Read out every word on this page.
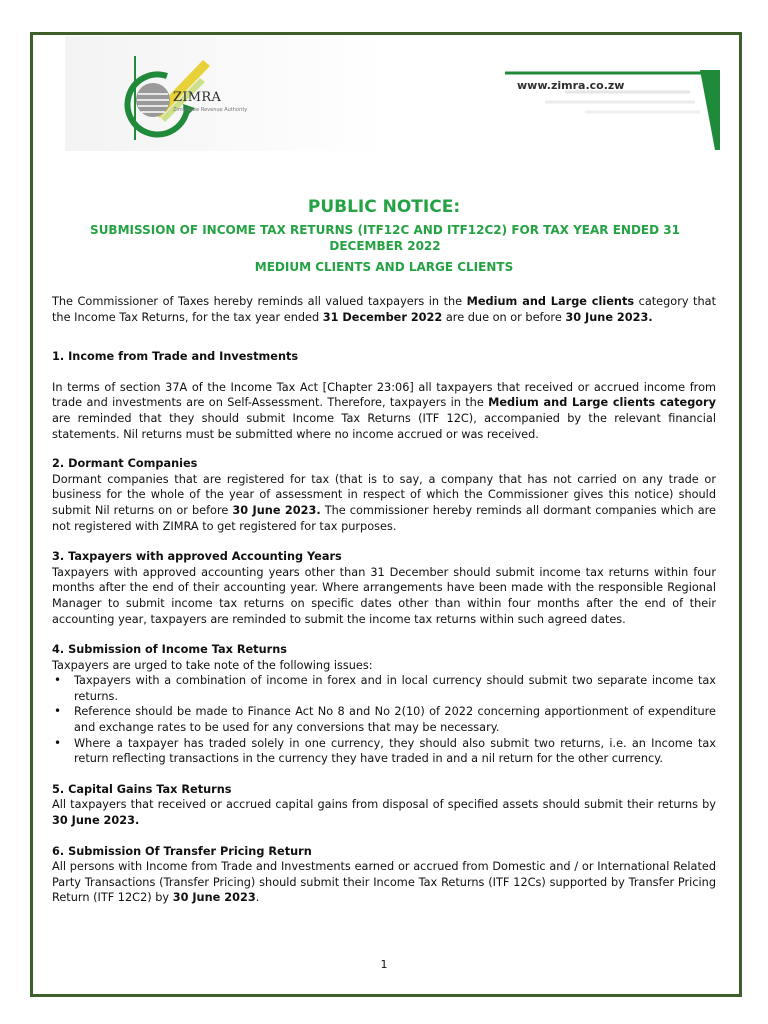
ZIMRA
Zimbabwe Revenue Authority
www.zimra.co.zw
PUBLIC NOTICE:
SUBMISSION OF INCOME TAX RETURNS (ITF12C AND ITF12C2) FOR TAX YEAR ENDED 31 DECEMBER 2022
MEDIUM CLIENTS AND LARGE CLIENTS

The Commissioner of Taxes hereby reminds all valued taxpayers in the Medium and Large clients category that the Income Tax Returns, for the tax year ended 31 December 2022 are due on or before 30 June 2023.

1. Income from Trade and Investments

In terms of section 37A of the Income Tax Act [Chapter 23:06] all taxpayers that received or accrued income from trade and investments are on Self-Assessment. Therefore, taxpayers in the Medium and Large clients category are reminded that they should submit Income Tax Returns (ITF 12C), accompanied by the relevant financial statements. Nil returns must be submitted where no income accrued or was received.

2. Dormant Companies

Dormant companies that are registered for tax (that is to say, a company that has not carried on any trade or business for the whole of the year of assessment in respect of which the Commissioner gives this notice) should submit Nil returns on or before 30 June 2023. The commissioner hereby reminds all dormant companies which are not registered with ZIMRA to get registered for tax purposes.

3. Taxpayers with approved Accounting Years

Taxpayers with approved accounting years other than 31 December should submit income tax returns within four months after the end of their accounting year. Where arrangements have been made with the responsible Regional Manager to submit income tax returns on specific dates other than within four months after the end of their accounting year, taxpayers are reminded to submit the income tax returns within such agreed dates.

4. Submission of Income Tax Returns

Taxpayers are urged to take note of the following issues:

• Taxpayers with a combination of income in forex and in local currency should submit two separate income tax returns.
• Reference should be made to Finance Act No 8 and No 2(10) of 2022 concerning apportionment of expenditure and exchange rates to be used for any conversions that may be necessary.
• Where a taxpayer has traded solely in one currency, they should also submit two returns, i.e. an Income tax return reflecting transactions in the currency they have traded in and a nil return for the other currency.

5. Capital Gains Tax Returns

All taxpayers that received or accrued capital gains from disposal of specified assets should submit their returns by 30 June 2023.

6. Submission Of Transfer Pricing Return

All persons with Income from Trade and Investments earned or accrued from Domestic and / or International Related Party Transactions (Transfer Pricing) should submit their Income Tax Returns (ITF 12Cs) supported by Transfer Pricing Return (ITF 12C2) by 30 June 2023.

1
